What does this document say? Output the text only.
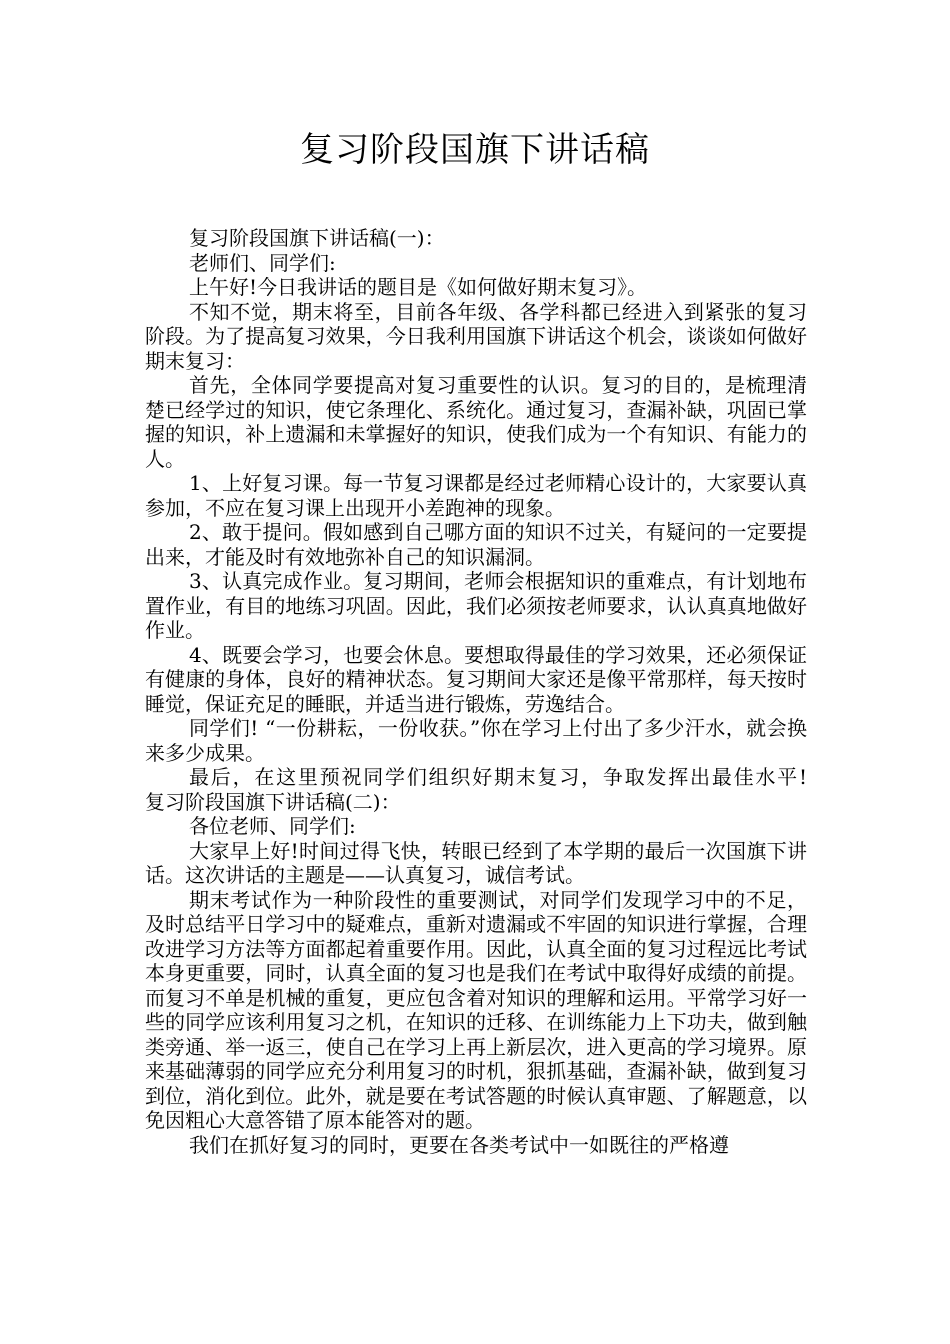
复习阶段国旗下讲话稿

复习阶段国旗下讲话稿(一)：

老师们、同学们:

上午好!今日我讲话的题目是《如何做好期末复习》。

不知不觉，期末将至，目前各年级、各学科都已经进入到紧张的复习阶段。为了提高复习效果，今日我利用国旗下讲话这个机会，谈谈如何做好期末复习：

首先，全体同学要提高对复习重要性的认识。复习的目的，是梳理清楚已经学过的知识，使它条理化、系统化。通过复习，查漏补缺，巩固已掌握的知识，补上遗漏和未掌握好的知识，使我们成为一个有知识、有能力的人。

1、上好复习课。每一节复习课都是经过老师精心设计的，大家要认真参加，不应在复习课上出现开小差跑神的现象。

2、敢于提问。假如感到自己哪方面的知识不过关，有疑问的一定要提出来，才能及时有效地弥补自己的知识漏洞。

3、认真完成作业。复习期间，老师会根据知识的重难点，有计划地布置作业，有目的地练习巩固。因此，我们必须按老师要求，认认真真地做好作业。

4、既要会学习，也要会休息。要想取得最佳的学习效果，还必须保证有健康的身体，良好的精神状态。复习期间大家还是像平常那样，每天按时睡觉，保证充足的睡眠，并适当进行锻炼，劳逸结合。

同学们! “一份耕耘，一份收获。”你在学习上付出了多少汗水，就会换来多少成果。

最后，在这里预祝同学们组织好期末复习，争取发挥出最佳水平!　　复习阶段国旗下讲话稿(二)：

各位老师、同学们:

大家早上好!时间过得飞快，转眼已经到了本学期的最后一次国旗下讲话。这次讲话的主题是——认真复习，诚信考试。

期末考试作为一种阶段性的重要测试，对同学们发现学习中的不足，及时总结平日学习中的疑难点，重新对遗漏或不牢固的知识进行掌握，合理改进学习方法等方面都起着重要作用。因此，认真全面的复习过程远比考试本身更重要，同时，认真全面的复习也是我们在考试中取得好成绩的前提。而复习不单是机械的重复，更应包含着对知识的理解和运用。平常学习好一些的同学应该利用复习之机，在知识的迁移、在训练能力上下功夫，做到触类旁通、举一返三，使自己在学习上再上新层次，进入更高的学习境界。原来基础薄弱的同学应充分利用复习的时机，狠抓基础，查漏补缺，做到复习到位，消化到位。此外，就是要在考试答题的时候认真审题、了解题意，以免因粗心大意答错了原本能答对的题。

我们在抓好复习的同时，更要在各类考试中一如既往的严格遵
